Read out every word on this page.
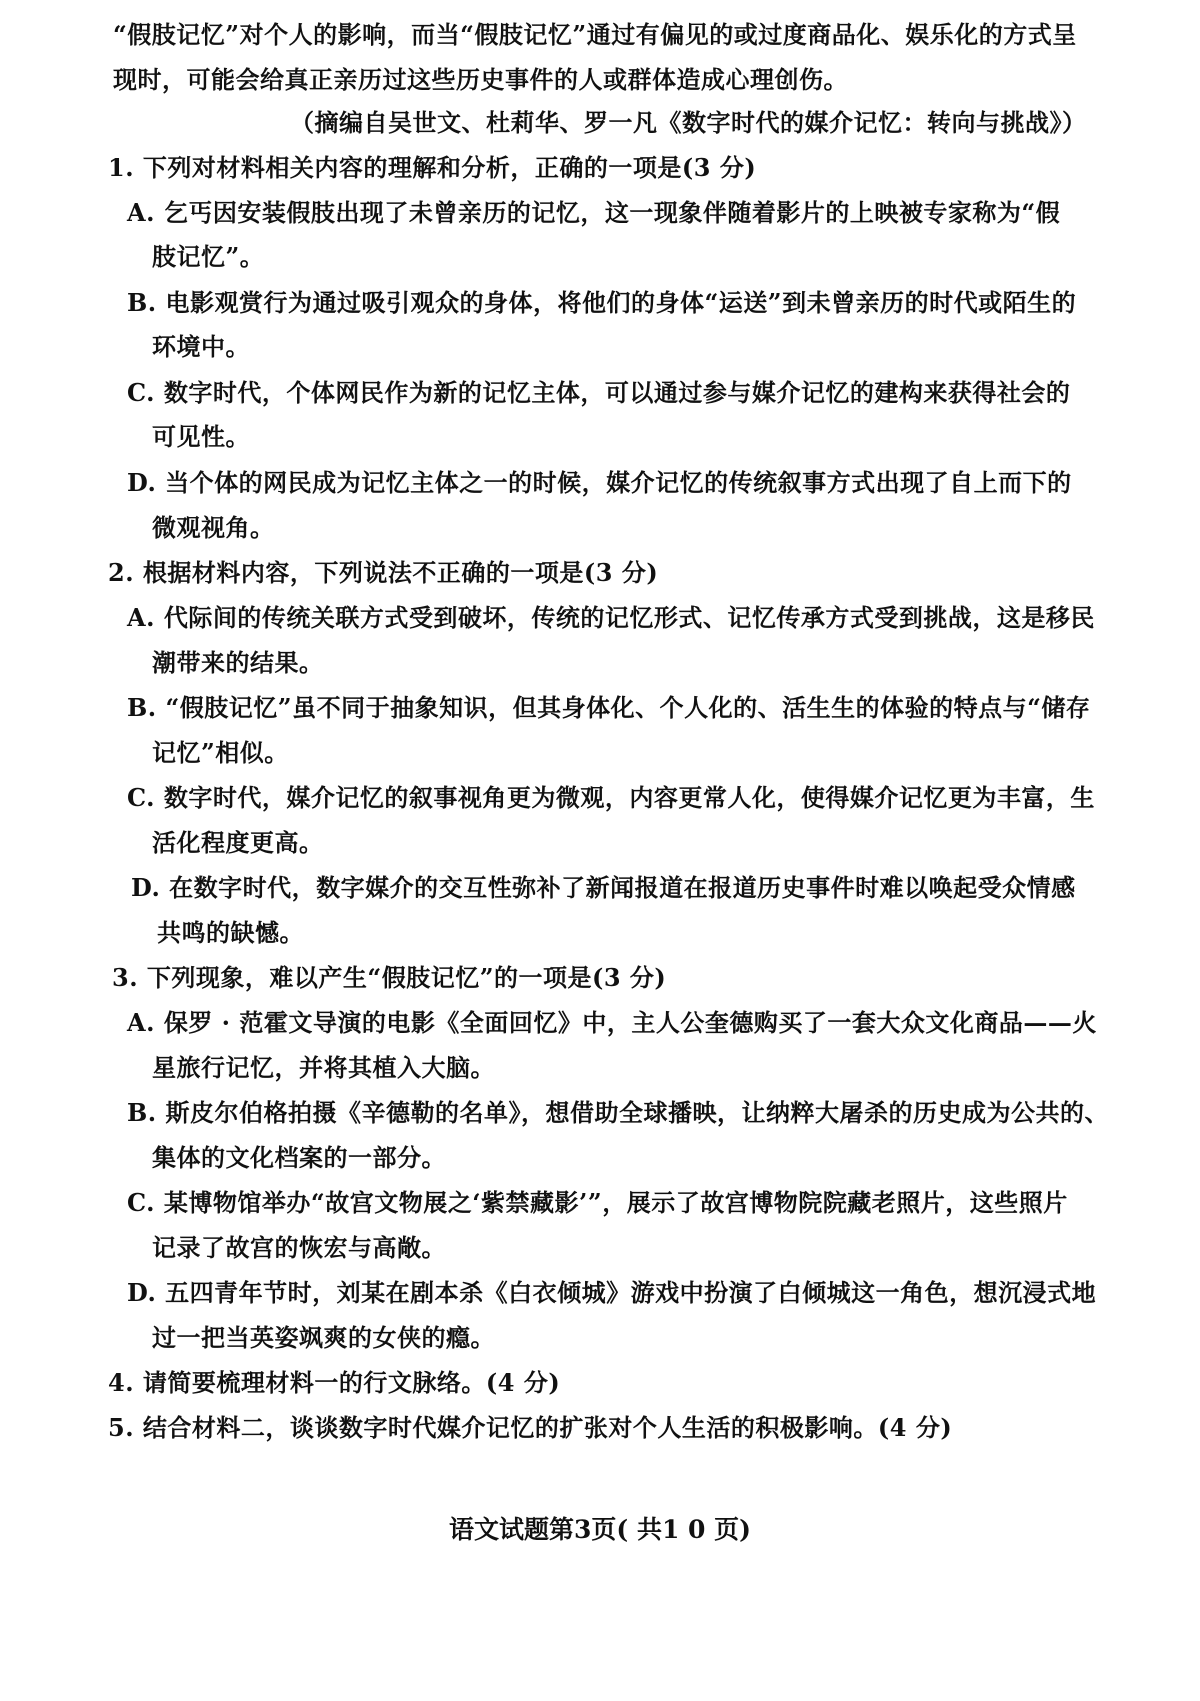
“假肢记忆”对个人的影响，而当“假肢记忆”通过有偏见的或过度商品化、娱乐化的方式呈
现时，可能会给真正亲历过这些历史事件的人或群体造成心理创伤。
（摘编自吴世文、杜莉华、罗一凡《数字时代的媒介记忆：转向与挑战》）
1. 下列对材料相关内容的理解和分析，正确的一项是(3 分)
A. 乞丐因安装假肢出现了未曾亲历的记忆，这一现象伴随着影片的上映被专家称为“假
肢记忆”。
B. 电影观赏行为通过吸引观众的身体，将他们的身体“运送”到未曾亲历的时代或陌生的
环境中。
C. 数字时代，个体网民作为新的记忆主体，可以通过参与媒介记忆的建构来获得社会的
可见性。
D. 当个体的网民成为记忆主体之一的时候，媒介记忆的传统叙事方式出现了自上而下的
微观视角。
2. 根据材料内容，下列说法不正确的一项是(3 分)
A. 代际间的传统关联方式受到破坏，传统的记忆形式、记忆传承方式受到挑战，这是移民
潮带来的结果。
B. “假肢记忆”虽不同于抽象知识，但其身体化、个人化的、活生生的体验的特点与“储存
记忆”相似。
C. 数字时代，媒介记忆的叙事视角更为微观，内容更常人化，使得媒介记忆更为丰富，生
活化程度更高。
D. 在数字时代，数字媒介的交互性弥补了新闻报道在报道历史事件时难以唤起受众情感
共鸣的缺憾。
3. 下列现象，难以产生“假肢记忆”的一项是(3 分)
A. 保罗 · 范霍文导演的电影《全面回忆》中，主人公奎德购买了一套大众文化商品——火
星旅行记忆，并将其植入大脑。
B. 斯皮尔伯格拍摄《辛德勒的名单》，想借助全球播映，让纳粹大屠杀的历史成为公共的、
集体的文化档案的一部分。
C. 某博物馆举办“故宫文物展之‘紫禁藏影’”，展示了故宫博物院院藏老照片，这些照片
记录了故宫的恢宏与高敞。
D. 五四青年节时，刘某在剧本杀《白衣倾城》游戏中扮演了白倾城这一角色，想沉浸式地
过一把当英姿飒爽的女侠的瘾。
4. 请简要梳理材料一的行文脉络。(4 分)
5. 结合材料二，谈谈数字时代媒介记忆的扩张对个人生活的积极影响。(4 分)
语文试题第3页( 共1 0 页)
